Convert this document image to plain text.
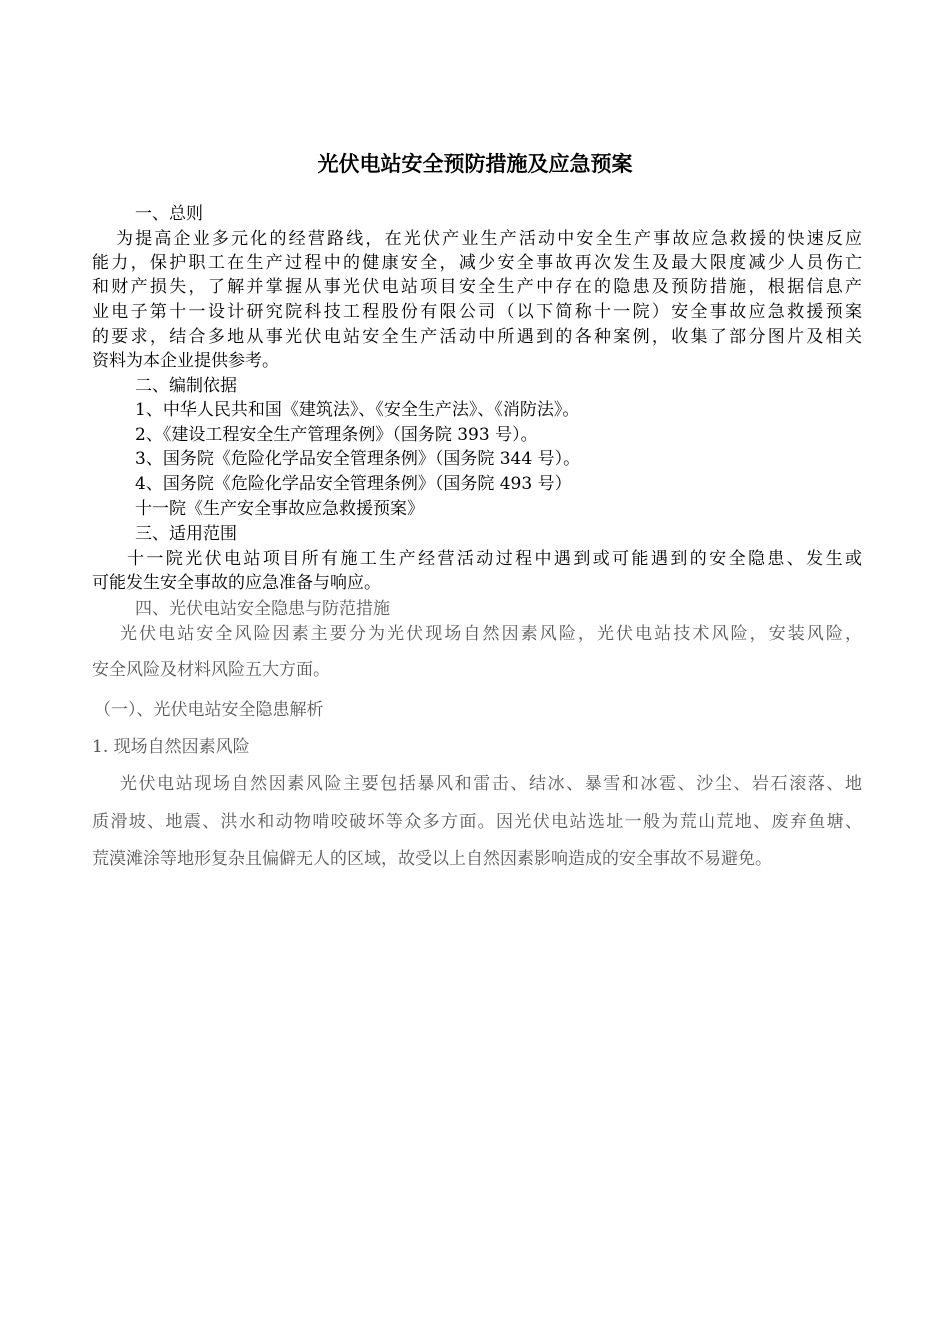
光伏电站安全预防措施及应急预案
一、总则
为提高企业多元化的经营路线，在光伏产业生产活动中安全生产事故应急救援的快速反应
能力，保护职工在生产过程中的健康安全，减少安全事故再次发生及最大限度减少人员伤亡
和财产损失，了解并掌握从事光伏电站项目安全生产中存在的隐患及预防措施，根据信息产
业电子第十一设计研究院科技工程股份有限公司（以下简称十一院）安全事故应急救援预案
的要求，结合多地从事光伏电站安全生产活动中所遇到的各种案例，收集了部分图片及相关
资料为本企业提供参考。
二、编制依据
1、中华人民共和国《建筑法》、《安全生产法》、《消防法》。
2、《建设工程安全生产管理条例》（国务院 393 号）。
3、国务院《危险化学品安全管理条例》（国务院 344 号）。
4、国务院《危险化学品安全管理条例》（国务院 493 号）
十一院《生产安全事故应急救援预案》
三、适用范围
十一院光伏电站项目所有施工生产经营活动过程中遇到或可能遇到的安全隐患、发生或
可能发生安全事故的应急准备与响应。
四、光伏电站安全隐患与防范措施
光伏电站安全风险因素主要分为光伏现场自然因素风险，光伏电站技术风险，安装风险，
安全风险及材料风险五大方面。
（一）、光伏电站安全隐患解析
1. 现场自然因素风险
光伏电站现场自然因素风险主要包括暴风和雷击、结冰、暴雪和冰雹、沙尘、岩石滚落、地
质滑坡、地震、洪水和动物啃咬破坏等众多方面。因光伏电站选址一般为荒山荒地、废弃鱼塘、
荒漠滩涂等地形复杂且偏僻无人的区域，故受以上自然因素影响造成的安全事故不易避免。
